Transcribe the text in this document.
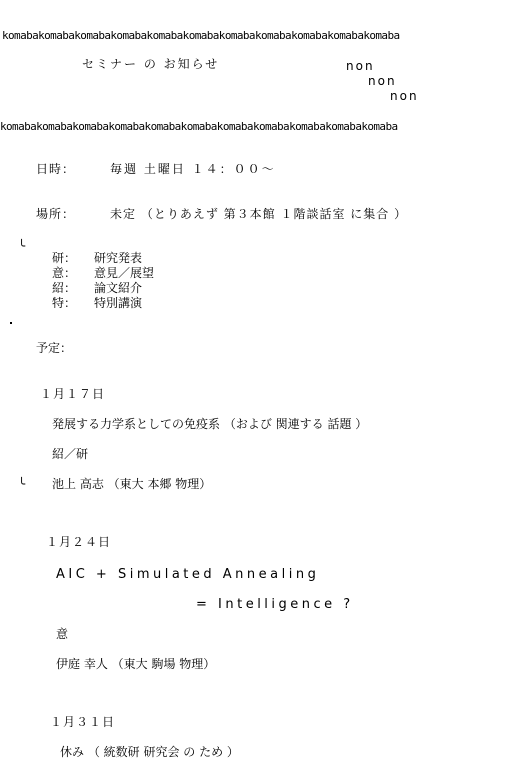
komabakomabakomabakomabakomabakomabakomabakomabakomabakomabakomaba
セミナー の お知らせ	non
non
non
komabakomabakomabakomabakomabakomabakomabakomabakomabakomabakomaba
日時：	毎週 土曜日 １４：００～
場所：	未定 （とりあえず 第３本館 １階談話室 に集合 ）
╰
研： 研究発表
意： 意見／展望
紹： 論文紹介
特： 特別講演
予定：
１月１７日
発展する力学系としての免疫系 （および 関連する 話題 ）
紹／研
╰ 池上 高志 （東大 本郷 物理）
１月２４日
AIC + Simulated Annealing
= Intelligence ?
意
伊庭 幸人 （東大 駒場 物理）
１月３１日
休み （ 統数研 研究会 の ため ）
